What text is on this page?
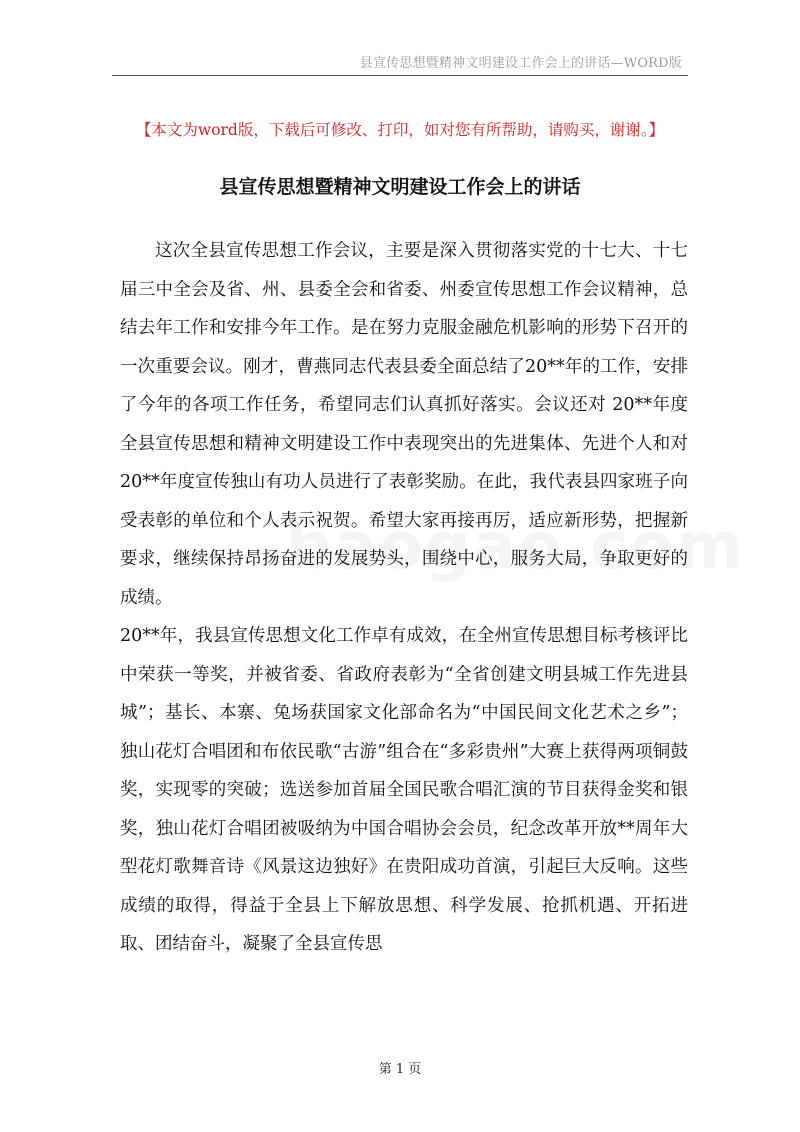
县宣传思想暨精神文明建设工作会上的讲话—WORD版
【本文为word版，下载后可修改、打印，如对您有所帮助，请购买，谢谢。】
县宣传思想暨精神文明建设工作会上的讲话

这次全县宣传思想工作会议，主要是深入贯彻落实党的十七大、十七届三中全会及省、州、县委全会和省委、州委宣传思想工作会议精神，总结去年工作和安排今年工作。是在努力克服金融危机影响的形势下召开的一次重要会议。刚才，曹燕同志代表县委全面总结了20**年的工作，安排了今年的各项工作任务，希望同志们认真抓好落实。会议还对 20**年度全县宣传思想和精神文明建设工作中表现突出的先进集体、先进个人和对 20**年度宣传独山有功人员进行了表彰奖励。在此，我代表县四家班子向受表彰的单位和个人表示祝贺。希望大家再接再厉，适应新形势，把握新要求，继续保持昂扬奋进的发展势头，围绕中心，服务大局，争取更好的成绩。

20**年，我县宣传思想文化工作卓有成效，在全州宣传思想目标考核评比中荣获一等奖，并被省委、省政府表彰为“全省创建文明县城工作先进县城”；基长、本寨、兔场获国家文化部命名为“中国民间文化艺术之乡”；独山花灯合唱团和布依民歌“古游”组合在“多彩贵州”大赛上获得两项铜鼓奖，实现零的突破；选送参加首届全国民歌合唱汇演的节目获得金奖和银奖，独山花灯合唱团被吸纳为中国合唱协会会员，纪念改革开放**周年大型花灯歌舞音诗《风景这边独好》在贵阳成功首演，引起巨大反响。这些成绩的取得，得益于全县上下解放思想、科学发展、抢抓机遇、开拓进取、团结奋斗，凝聚了全县宣传思

第 1 页
